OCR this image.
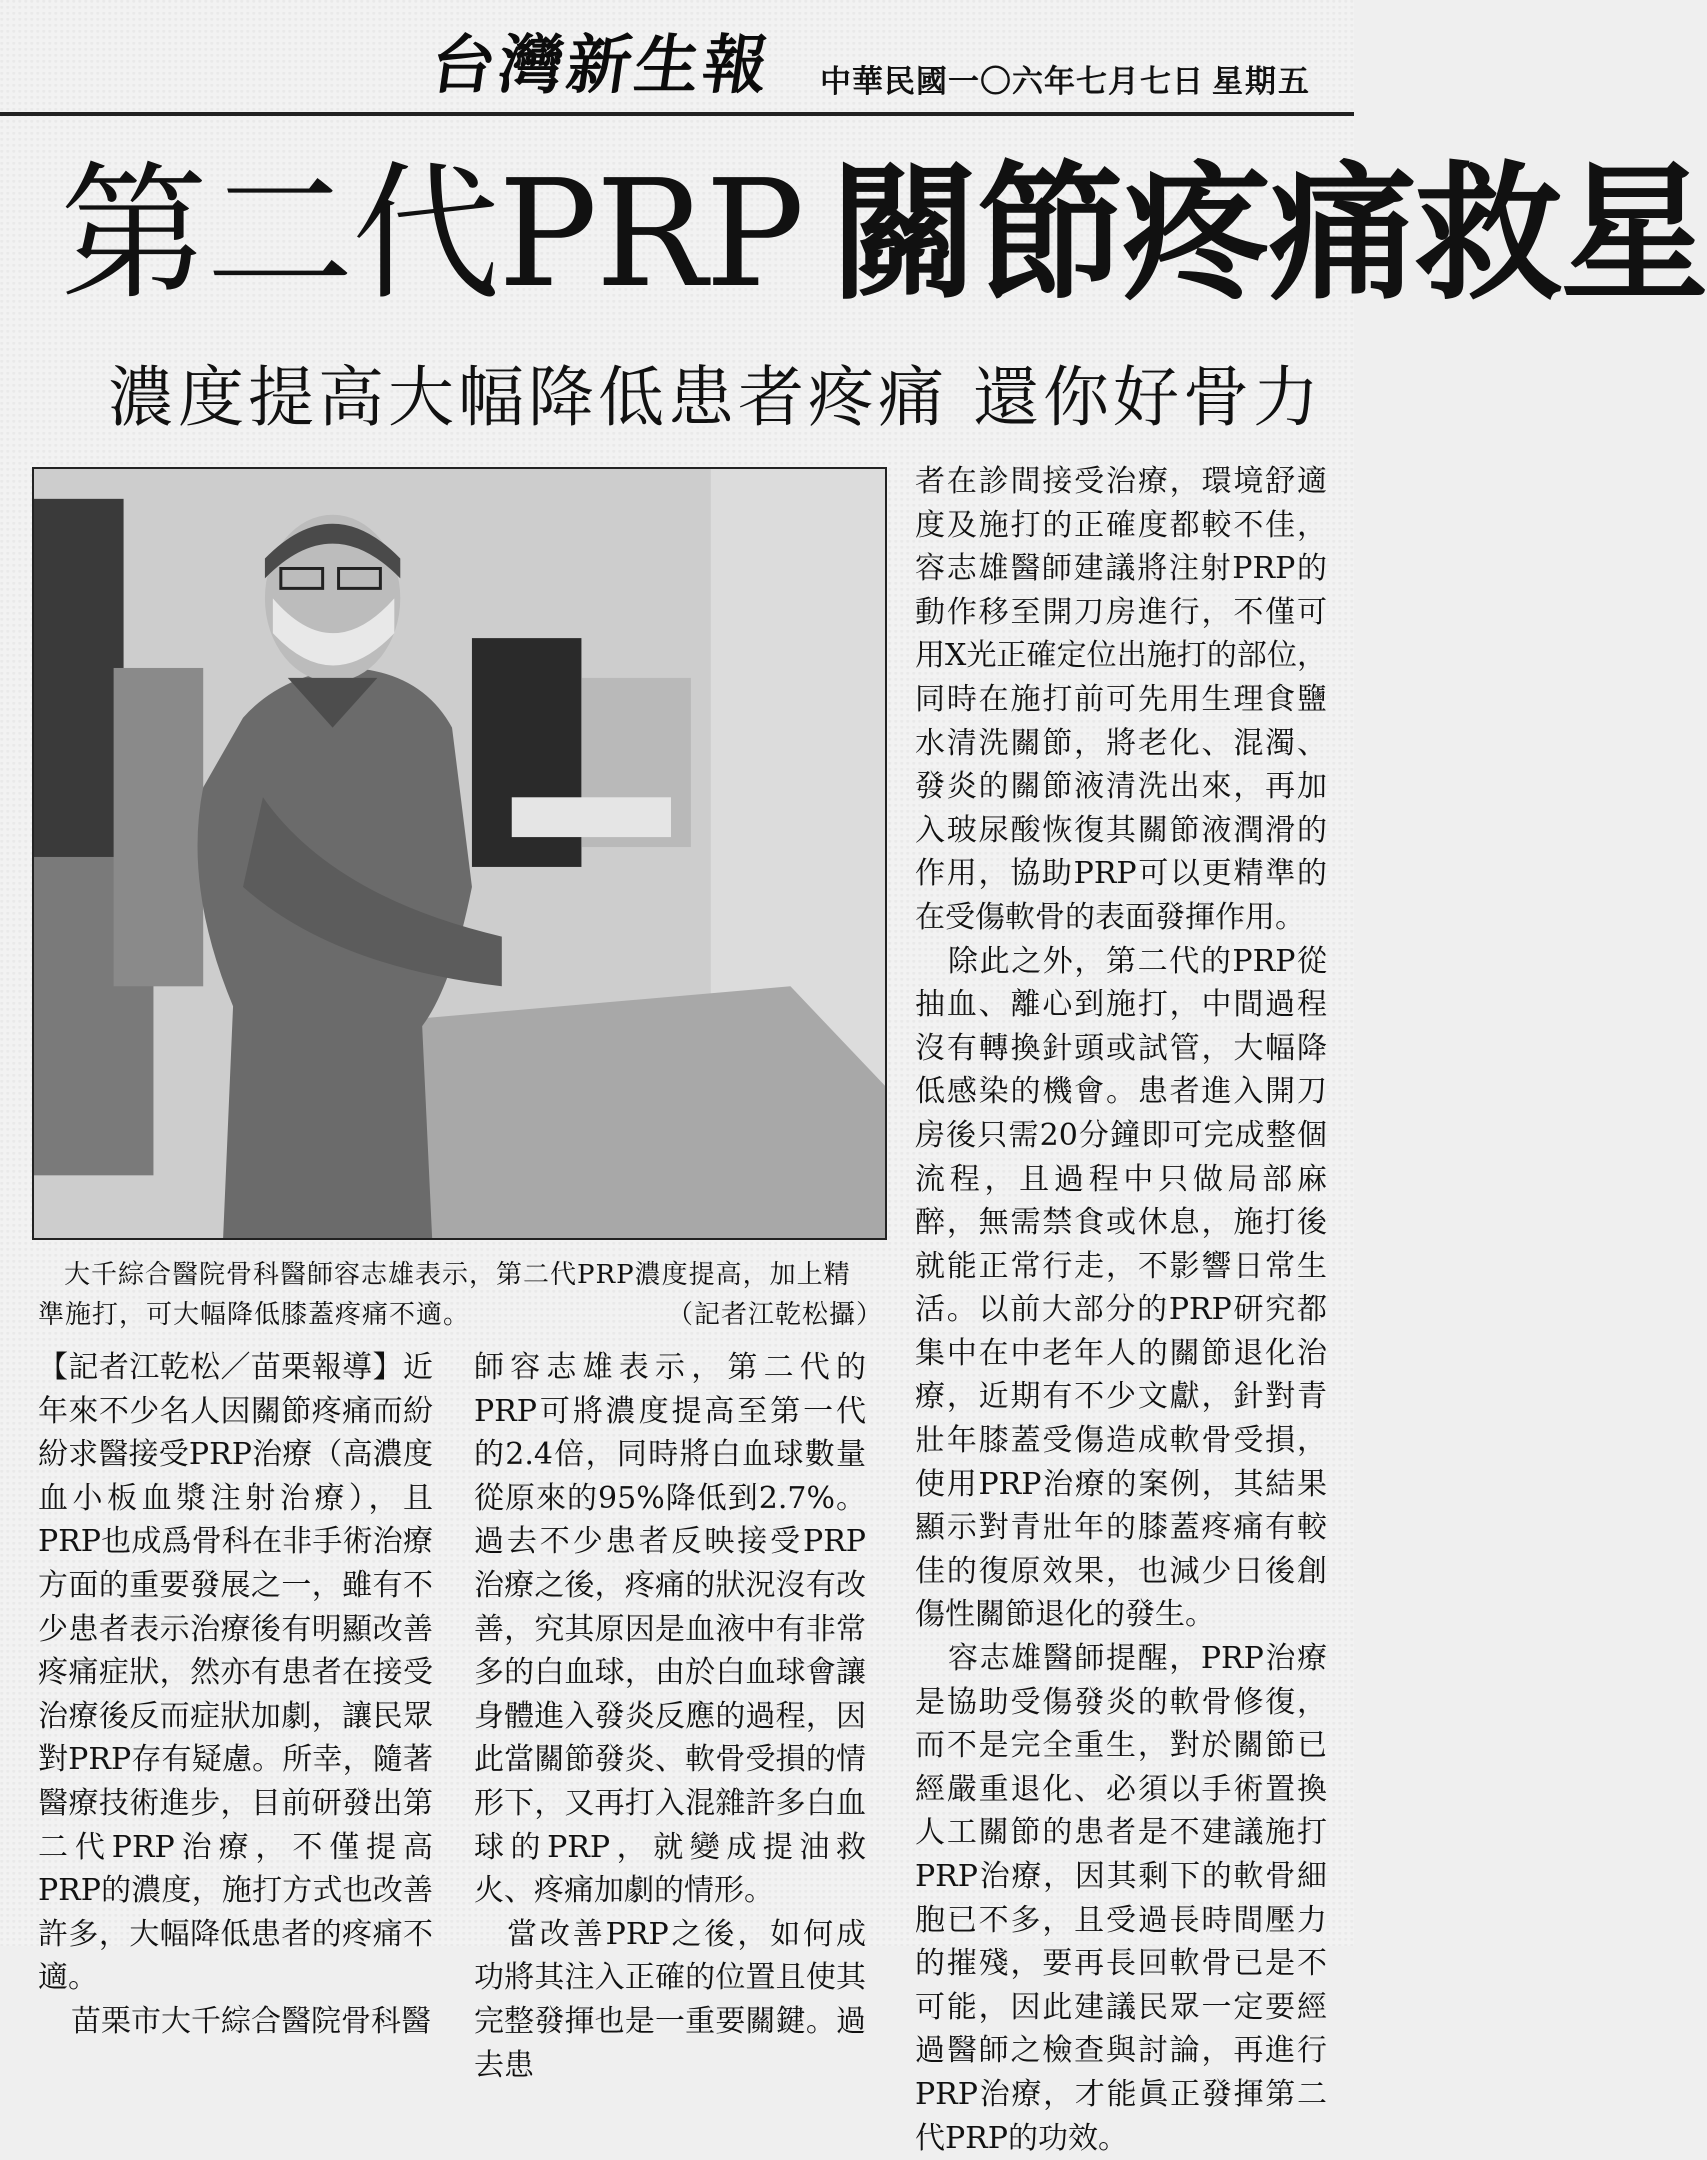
台灣新生報 中華民國一〇六年七月七日 星期五
第二代PRP 關節疼痛救星
濃度提高大幅降低患者疼痛 還你好骨力
大千綜合醫院骨科醫師容志雄表示，第二代PRP濃度提高，加上精
準施打，可大幅降低膝蓋疼痛不適。	（記者江乾松攝）

【記者江乾松／苗栗報導】近年來不少名人因關節疼痛而紛紛求醫接受PRP治療（高濃度血小板血漿注射治療），且PRP也成爲骨科在非手術治療方面的重要發展之一，雖有不少患者表示治療後有明顯改善疼痛症狀，然亦有患者在接受治療後反而症狀加劇，讓民眾對PRP存有疑慮。所幸，隨著醫療技術進步，目前研發出第二代PRP治療，不僅提高PRP的濃度，施打方式也改善許多，大幅降低患者的疼痛不適。

苗栗市大千綜合醫院骨科醫

師容志雄表示，第二代的PRP可將濃度提高至第一代的2.4倍，同時將白血球數量從原來的95%降低到2.7%。過去不少患者反映接受PRP治療之後，疼痛的狀況沒有改善，究其原因是血液中有非常多的白血球，由於白血球會讓身體進入發炎反應的過程，因此當關節發炎、軟骨受損的情形下，又再打入混雜許多白血球的PRP，就變成提油救火、疼痛加劇的情形。

當改善PRP之後，如何成功將其注入正確的位置且使其完整發揮也是一重要關鍵。過去患

者在診間接受治療，環境舒適度及施打的正確度都較不佳，容志雄醫師建議將注射PRP的動作移至開刀房進行，不僅可用X光正確定位出施打的部位，同時在施打前可先用生理食鹽水清洗關節，將老化、混濁、發炎的關節液清洗出來，再加入玻尿酸恢復其關節液潤滑的作用，協助PRP可以更精準的在受傷軟骨的表面發揮作用。

除此之外，第二代的PRP從抽血、離心到施打，中間過程沒有轉換針頭或試管，大幅降低感染的機會。患者進入開刀房後只需20分鐘即可完成整個流程，且過程中只做局部麻醉，無需禁食或休息，施打後就能正常行走，不影響日常生活。以前大部分的PRP研究都集中在中老年人的關節退化治療，近期有不少文獻，針對青壯年膝蓋受傷造成軟骨受損，使用PRP治療的案例，其結果顯示對青壯年的膝蓋疼痛有較佳的復原效果，也減少日後創傷性關節退化的發生。

容志雄醫師提醒，PRP治療是協助受傷發炎的軟骨修復，而不是完全重生，對於關節已經嚴重退化、必須以手術置換人工關節的患者是不建議施打PRP治療，因其剩下的軟骨細胞已不多，且受過長時間壓力的摧殘，要再長回軟骨已是不可能，因此建議民眾一定要經過醫師之檢查與討論，再進行PRP治療，才能眞正發揮第二代PRP的功效。
